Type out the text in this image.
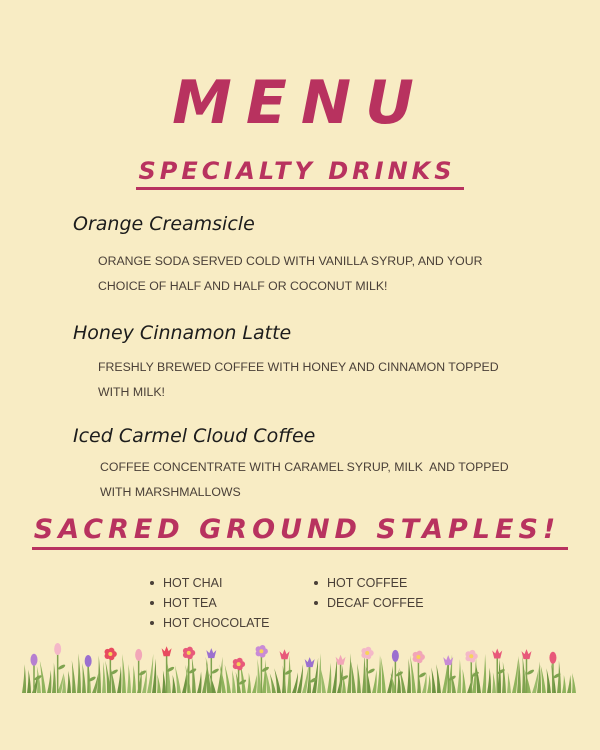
MENU
SPECIALTY DRINKS
Orange Creamsicle
ORANGE SODA SERVED COLD WITH VANILLA SYRUP, AND YOUR
CHOICE OF HALF AND HALF OR COCONUT MILK!
Honey Cinnamon Latte
FRESHLY BREWED COFFEE WITH HONEY AND CINNAMON TOPPED
WITH MILK!
Iced Carmel Cloud Coffee
COFFEE CONCENTRATE WITH CARAMEL SYRUP, MILK  AND TOPPED
WITH MARSHMALLOWS
SACRED GROUND STAPLES!
HOT CHAI
HOT TEA
HOT CHOCOLATE
HOT COFFEE
DECAF COFFEE
